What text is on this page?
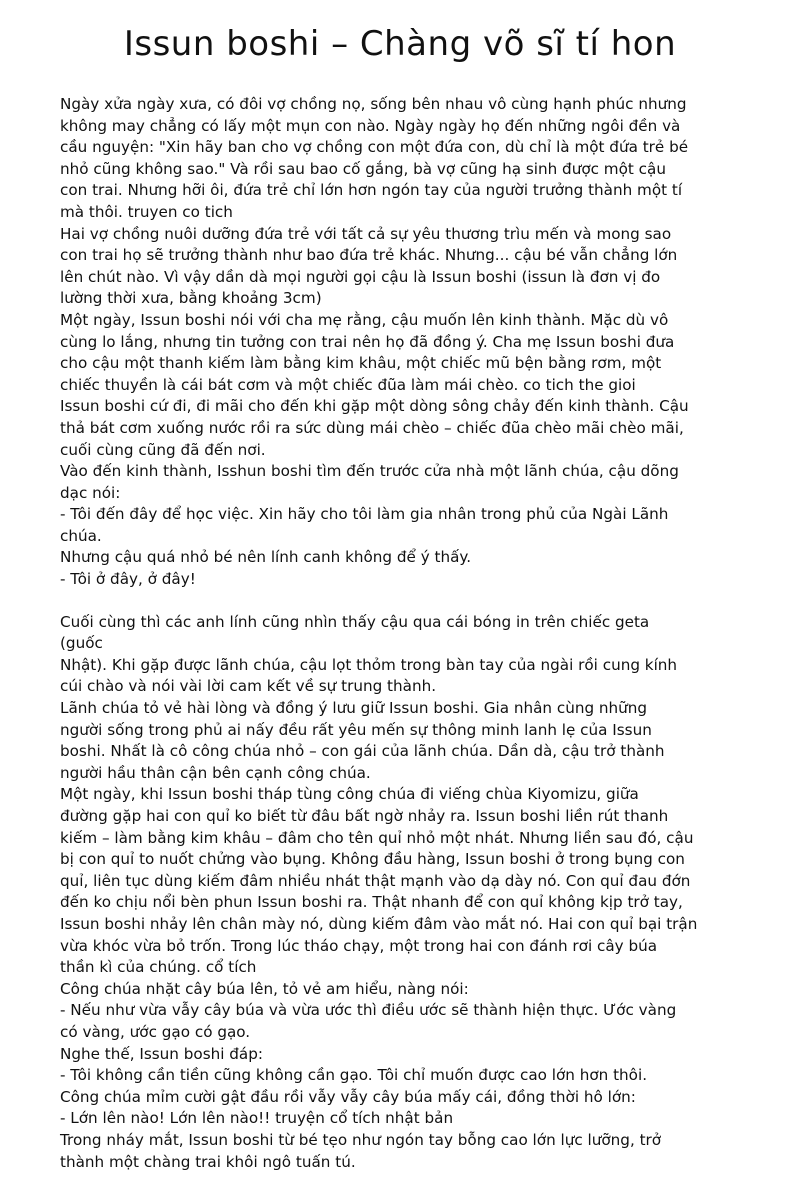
Issun boshi – Chàng võ sĩ tí hon

Ngày xửa ngày xưa, có đôi vợ chồng nọ, sống bên nhau vô cùng hạnh phúc nhưng
không may chẳng có lấy một mụn con nào. Ngày ngày họ đến những ngôi đền và
cầu nguyện: "Xin hãy ban cho vợ chồng con một đứa con, dù chỉ là một đứa trẻ bé
nhỏ cũng không sao." Và rồi sau bao cố gắng, bà vợ cũng hạ sinh được một cậu
con trai. Nhưng hỡi ôi, đứa trẻ chỉ lớn hơn ngón tay của người trưởng thành một tí
mà thôi. truyen co tich

Hai vợ chồng nuôi dưỡng đứa trẻ với tất cả sự yêu thương trìu mến và mong sao
con trai họ sẽ trưởng thành như bao đứa trẻ khác. Nhưng... cậu bé vẫn chẳng lớn
lên chút nào. Vì vậy dần dà mọi người gọi cậu là Issun boshi (issun là đơn vị đo
lường thời xưa, bằng khoảng 3cm)

Một ngày, Issun boshi nói với cha mẹ rằng, cậu muốn lên kinh thành. Mặc dù vô
cùng lo lắng, nhưng tin tưởng con trai nên họ đã đồng ý. Cha mẹ Issun boshi đưa
cho cậu một thanh kiếm làm bằng kim khâu, một chiếc mũ bện bằng rơm, một
chiếc thuyền là cái bát cơm và một chiếc đũa làm mái chèo. co tich the gioi
Issun boshi cứ đi, đi mãi cho đến khi gặp một dòng sông chảy đến kinh thành. Cậu
thả bát cơm xuống nước rồi ra sức dùng mái chèo – chiếc đũa chèo mãi chèo mãi,
cuối cùng cũng đã đến nơi.

Vào đến kinh thành, Isshun boshi tìm đến trước cửa nhà một lãnh chúa, cậu dõng
dạc nói:

- Tôi đến đây để học việc. Xin hãy cho tôi làm gia nhân trong phủ của Ngài Lãnh
chúa.

Nhưng cậu quá nhỏ bé nên lính canh không để ý thấy.

- Tôi ở đây, ở đây!

Cuối cùng thì các anh lính cũng nhìn thấy cậu qua cái bóng in trên chiếc geta
(guốc
Nhật). Khi gặp được lãnh chúa, cậu lọt thỏm trong bàn tay của ngài rồi cung kính
cúi chào và nói vài lời cam kết về sự trung thành.

Lãnh chúa tỏ vẻ hài lòng và đồng ý lưu giữ Issun boshi. Gia nhân cùng những
người sống trong phủ ai nấy đều rất yêu mến sự thông minh lanh lẹ của Issun
boshi. Nhất là cô công chúa nhỏ – con gái của lãnh chúa. Dần dà, cậu trở thành
người hầu thân cận bên cạnh công chúa.

Một ngày, khi Issun boshi tháp tùng công chúa đi viếng chùa Kiyomizu, giữa
đường gặp hai con quỉ ko biết từ đâu bất ngờ nhảy ra. Issun boshi liền rút thanh
kiếm – làm bằng kim khâu – đâm cho tên quỉ nhỏ một nhát. Nhưng liền sau đó, cậu
bị con quỉ to nuốt chửng vào bụng. Không đầu hàng, Issun boshi ở trong bụng con
quỉ, liên tục dùng kiếm đâm nhiều nhát thật mạnh vào dạ dày nó. Con quỉ đau đớn
đến ko chịu nổi bèn phun Issun boshi ra. Thật nhanh để con quỉ không kịp trở tay,
Issun boshi nhảy lên chân mày nó, dùng kiếm đâm vào mắt nó. Hai con quỉ bại trận
vừa khóc vừa bỏ trốn. Trong lúc tháo chạy, một trong hai con đánh rơi cây búa
thần kì của chúng. cổ tích

Công chúa nhặt cây búa lên, tỏ vẻ am hiểu, nàng nói:

- Nếu như vừa vẫy cây búa và vừa ước thì điều ước sẽ thành hiện thực. Ước vàng
có vàng, ước gạo có gạo.

Nghe thế, Issun boshi đáp:

- Tôi không cần tiền cũng không cần gạo. Tôi chỉ muốn được cao lớn hơn thôi.

Công chúa mỉm cười gật đầu rồi vẫy vẫy cây búa mấy cái, đồng thời hô lớn:

- Lớn lên nào! Lớn lên nào!! truyện cổ tích nhật bản

Trong nháy mắt, Issun boshi từ bé tẹo như ngón tay bỗng cao lớn lực lưỡng, trở
thành một chàng trai khôi ngô tuấn tú.
